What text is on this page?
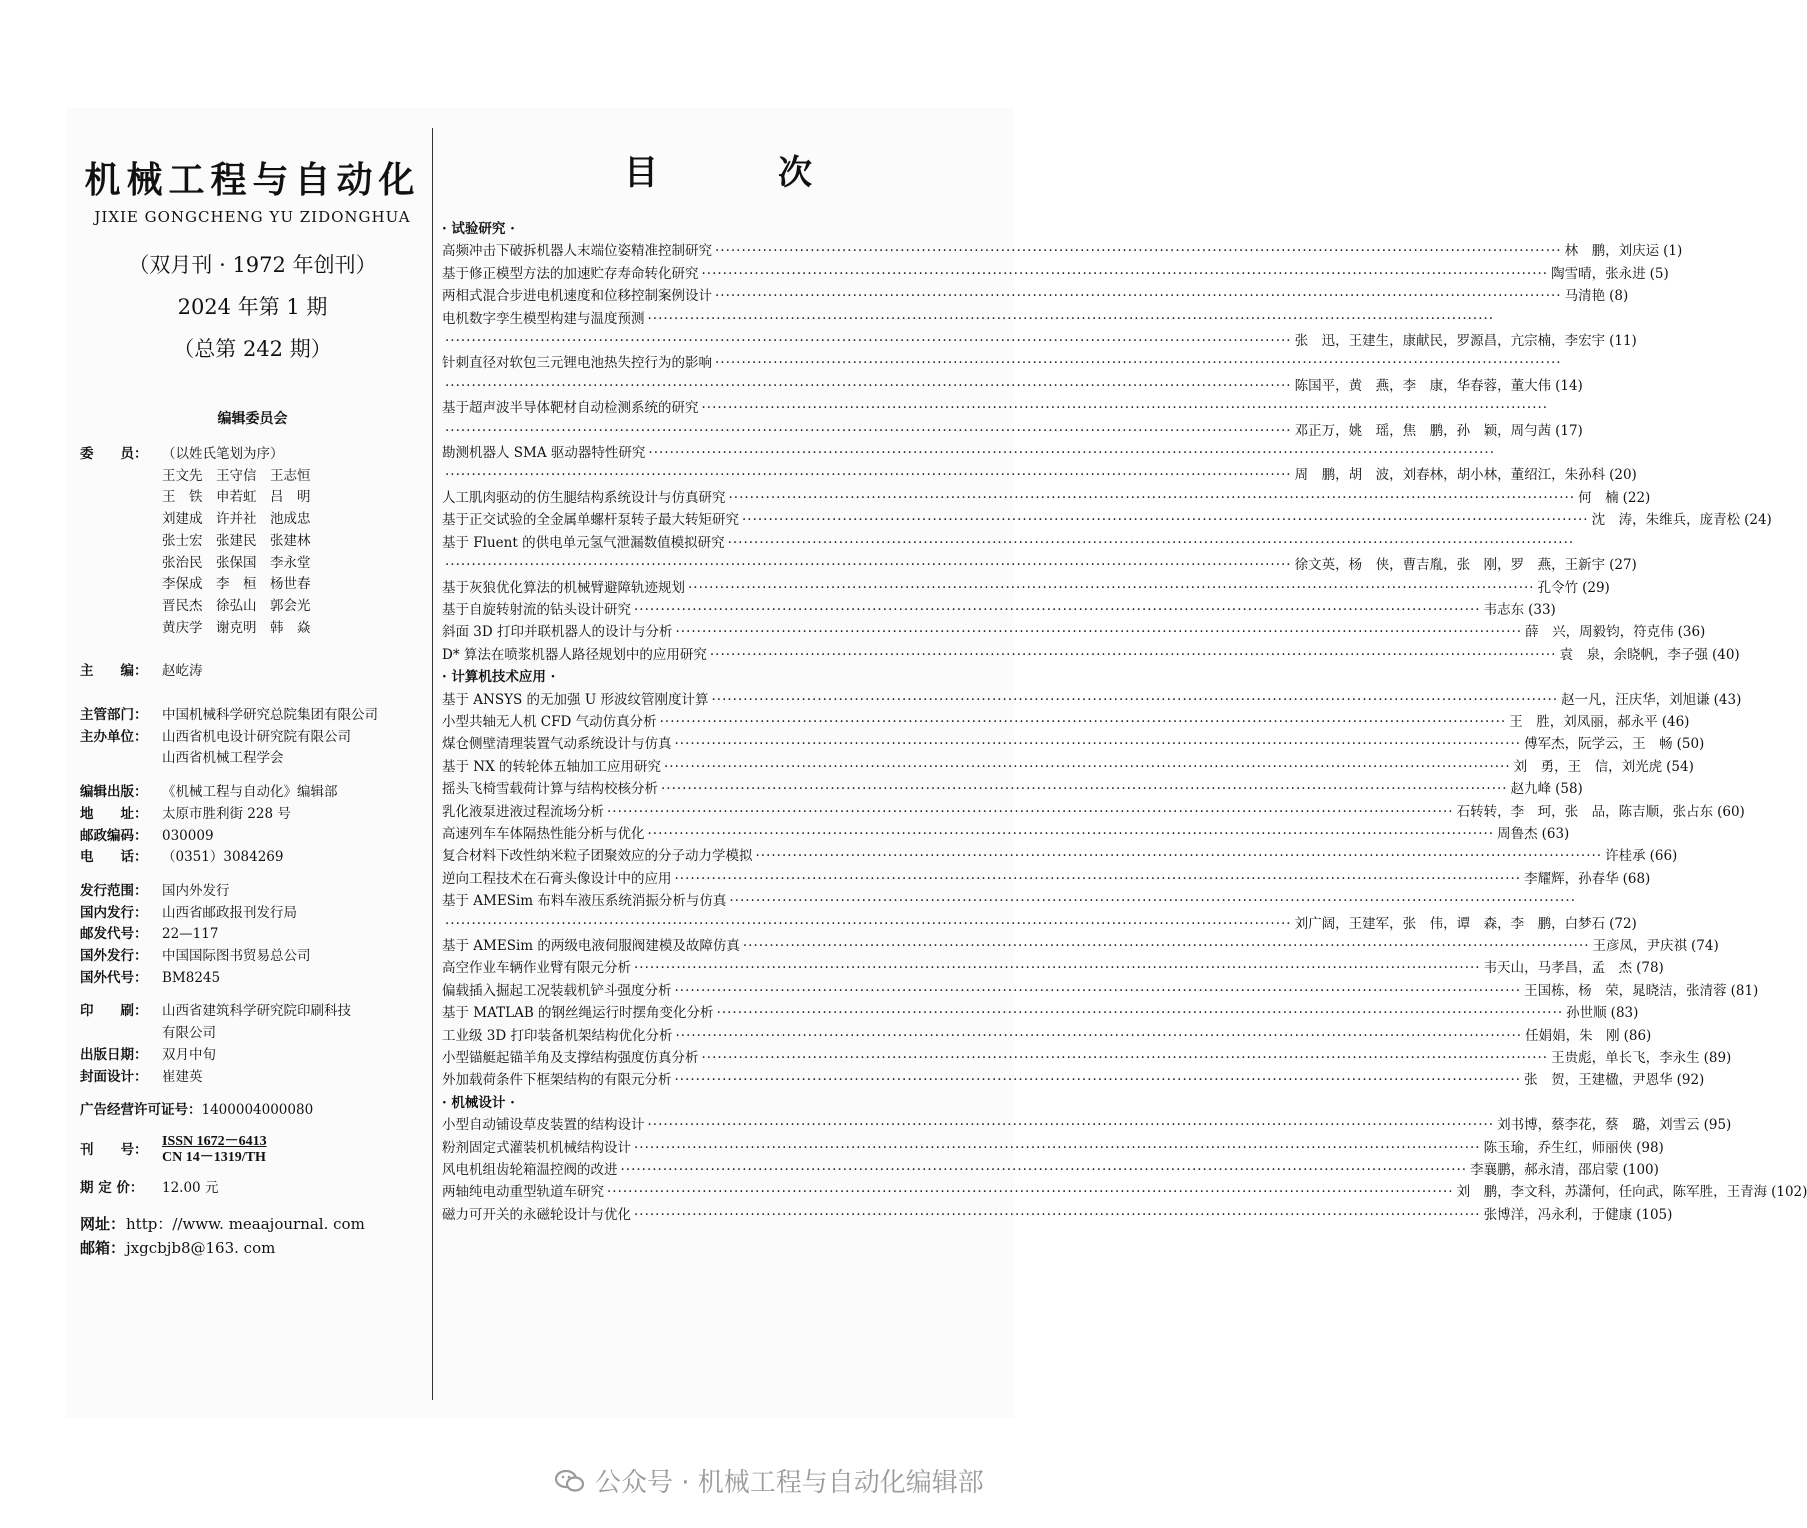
机械工程与自动化
JIXIE GONGCHENG YU ZIDONGHUA
（双月刊 · 1972 年创刊）
2024 年第 1 期
（总第 242 期）
编辑委员会
委　　员：	（以姓氏笔划为序）
王文先　王守信　王志恒
王　铁　申若虹　吕　明
刘建成　许并社　池成忠
张士宏　张建民　张建林
张治民　张保国　李永堂
李保成　李　桓　杨世春
晋民杰　徐弘山　郭会光
黄庆学　谢克明　韩　焱
主　　编：	赵屹涛
主管部门：	中国机械科学研究总院集团有限公司
主办单位：	山西省机电设计研究院有限公司
山西省机械工程学会
编辑出版：	《机械工程与自动化》编辑部
地　　址：	太原市胜利街 228 号
邮政编码：	030009
电　　话：	（0351）3084269
发行范围：	国内外发行
国内发行：	山西省邮政报刊发行局
邮发代号：	22—117
国外发行：	中国国际图书贸易总公司
国外代号：	BM8245
印　　刷：	山西省建筑科学研究院印刷科技
有限公司
出版日期：	双月中旬
封面设计：	崔建英
广告经营许可证号： 1400004000080
刊　　号：
ISSN 1672－6413
CN 14－1319/TH
期 定 价：	12.00 元
网址： http：//www. meaajournal. com
邮箱： jxgcbjb8@163. com
目	次
· 试验研究 ·
高频冲击下破拆机器人末端位姿精准控制研究 ································································································································································ 林　鹏，刘庆运 (1)
基于修正模型方法的加速贮存寿命转化研究 ································································································································································ 陶雪晴，张永进 (5)
两相式混合步进电机速度和位移控制案例设计 ································································································································································ 马清艳 (8)
电机数字孪生模型构建与温度预测 ································································································································································
································································································································································ 张　迅，王建生，康献民，罗源昌，亢宗楠，李宏宇 (11)
针刺直径对软包三元锂电池热失控行为的影响 ································································································································································
································································································································································ 陈国平，黄　燕，李　康，华春蓉，董大伟 (14)
基于超声波半导体靶材自动检测系统的研究 ································································································································································
································································································································································ 邓正万，姚　瑶，焦　鹏，孙　颖，周勻茜 (17)
勘测机器人 SMA 驱动器特性研究 ································································································································································
································································································································································ 周　鹏，胡　波，刘春林，胡小林，董绍江，朱孙科 (20)
人工肌肉驱动的仿生腿结构系统设计与仿真研究 ································································································································································ 何　楠 (22)
基于正交试验的全金属单螺杆泵转子最大转矩研究 ································································································································································ 沈　涛，朱维兵，庞青松 (24)
基于 Fluent 的供电单元氢气泄漏数值模拟研究 ································································································································································
································································································································································ 徐文英，杨　侠，曹吉胤，张　刚，罗　燕，王新宇 (27)
基于灰狼优化算法的机械臂避障轨迹规划 ································································································································································ 孔令竹 (29)
基于自旋转射流的钻头设计研究 ································································································································································ 韦志东 (33)
斜面 3D 打印并联机器人的设计与分析 ································································································································································ 薛　兴，周毅钧，符克伟 (36)
D* 算法在喷浆机器人路径规划中的应用研究 ································································································································································ 袁　泉，余晓帆，李子强 (40)
· 计算机技术应用 ·
基于 ANSYS 的无加强 U 形波纹管刚度计算 ································································································································································ 赵一凡，汪庆华，刘旭谦 (43)
小型共轴无人机 CFD 气动仿真分析 ································································································································································ 王　胜，刘凤丽，郝永平 (46)
煤仓侧壁清理装置气动系统设计与仿真 ································································································································································ 傅军杰，阮学云，王　畅 (50)
基于 NX 的转轮体五轴加工应用研究 ································································································································································ 刘　勇，王　信，刘光虎 (54)
摇头飞椅雪载荷计算与结构校核分析 ································································································································································ 赵九峰 (58)
乳化液泵进液过程流场分析 ································································································································································ 石转转，李　珂，张　品，陈吉顺，张占东 (60)
高速列车车体隔热性能分析与优化 ································································································································································ 周鲁杰 (63)
复合材料下改性纳米粒子团聚效应的分子动力学模拟 ································································································································································ 许桂承 (66)
逆向工程技术在石膏头像设计中的应用 ································································································································································ 李耀辉，孙春华 (68)
基于 AMESim 布料车液压系统消振分析与仿真 ································································································································································
································································································································································ 刘广阔，王建军，张　伟，谭　森，李　鹏，白梦石 (72)
基于 AMESim 的两级电液伺服阀建模及故障仿真 ································································································································································ 王彦凤，尹庆祺 (74)
高空作业车辆作业臂有限元分析 ································································································································································ 韦天山，马孝昌，孟　杰 (78)
偏载插入掘起工况装载机铲斗强度分析 ································································································································································ 王国栋，杨　荣，晁晓洁，张清蓉 (81)
基于 MATLAB 的钢丝绳运行时摆角变化分析 ································································································································································ 孙世顺 (83)
工业级 3D 打印装备机架结构优化分析 ································································································································································ 任娟娟，朱　刚 (86)
小型锚艇起锚羊角及支撑结构强度仿真分析 ································································································································································ 王贵彪，单长飞，李永生 (89)
外加载荷条件下框架结构的有限元分析 ································································································································································ 张　贺，王建楹，尹恩华 (92)
· 机械设计 ·
小型自动铺设草皮装置的结构设计 ································································································································································ 刘书博，蔡李花，蔡　璐，刘雪云 (95)
粉剂固定式灌装机机械结构设计 ································································································································································ 陈玉瑜，乔生红，师丽侠 (98)
风电机组齿轮箱温控阀的改进 ································································································································································ 李襄鹏，郝永清，邵启蒙 (100)
两轴纯电动重型轨道车研究 ································································································································································ 刘　鹏，李文科，苏潇何，任向武，陈军胜，王青海 (102)
磁力可开关的永磁轮设计与优化 ································································································································································ 张博洋，冯永利，于健康 (105)
公众号 · 机械工程与自动化编辑部
